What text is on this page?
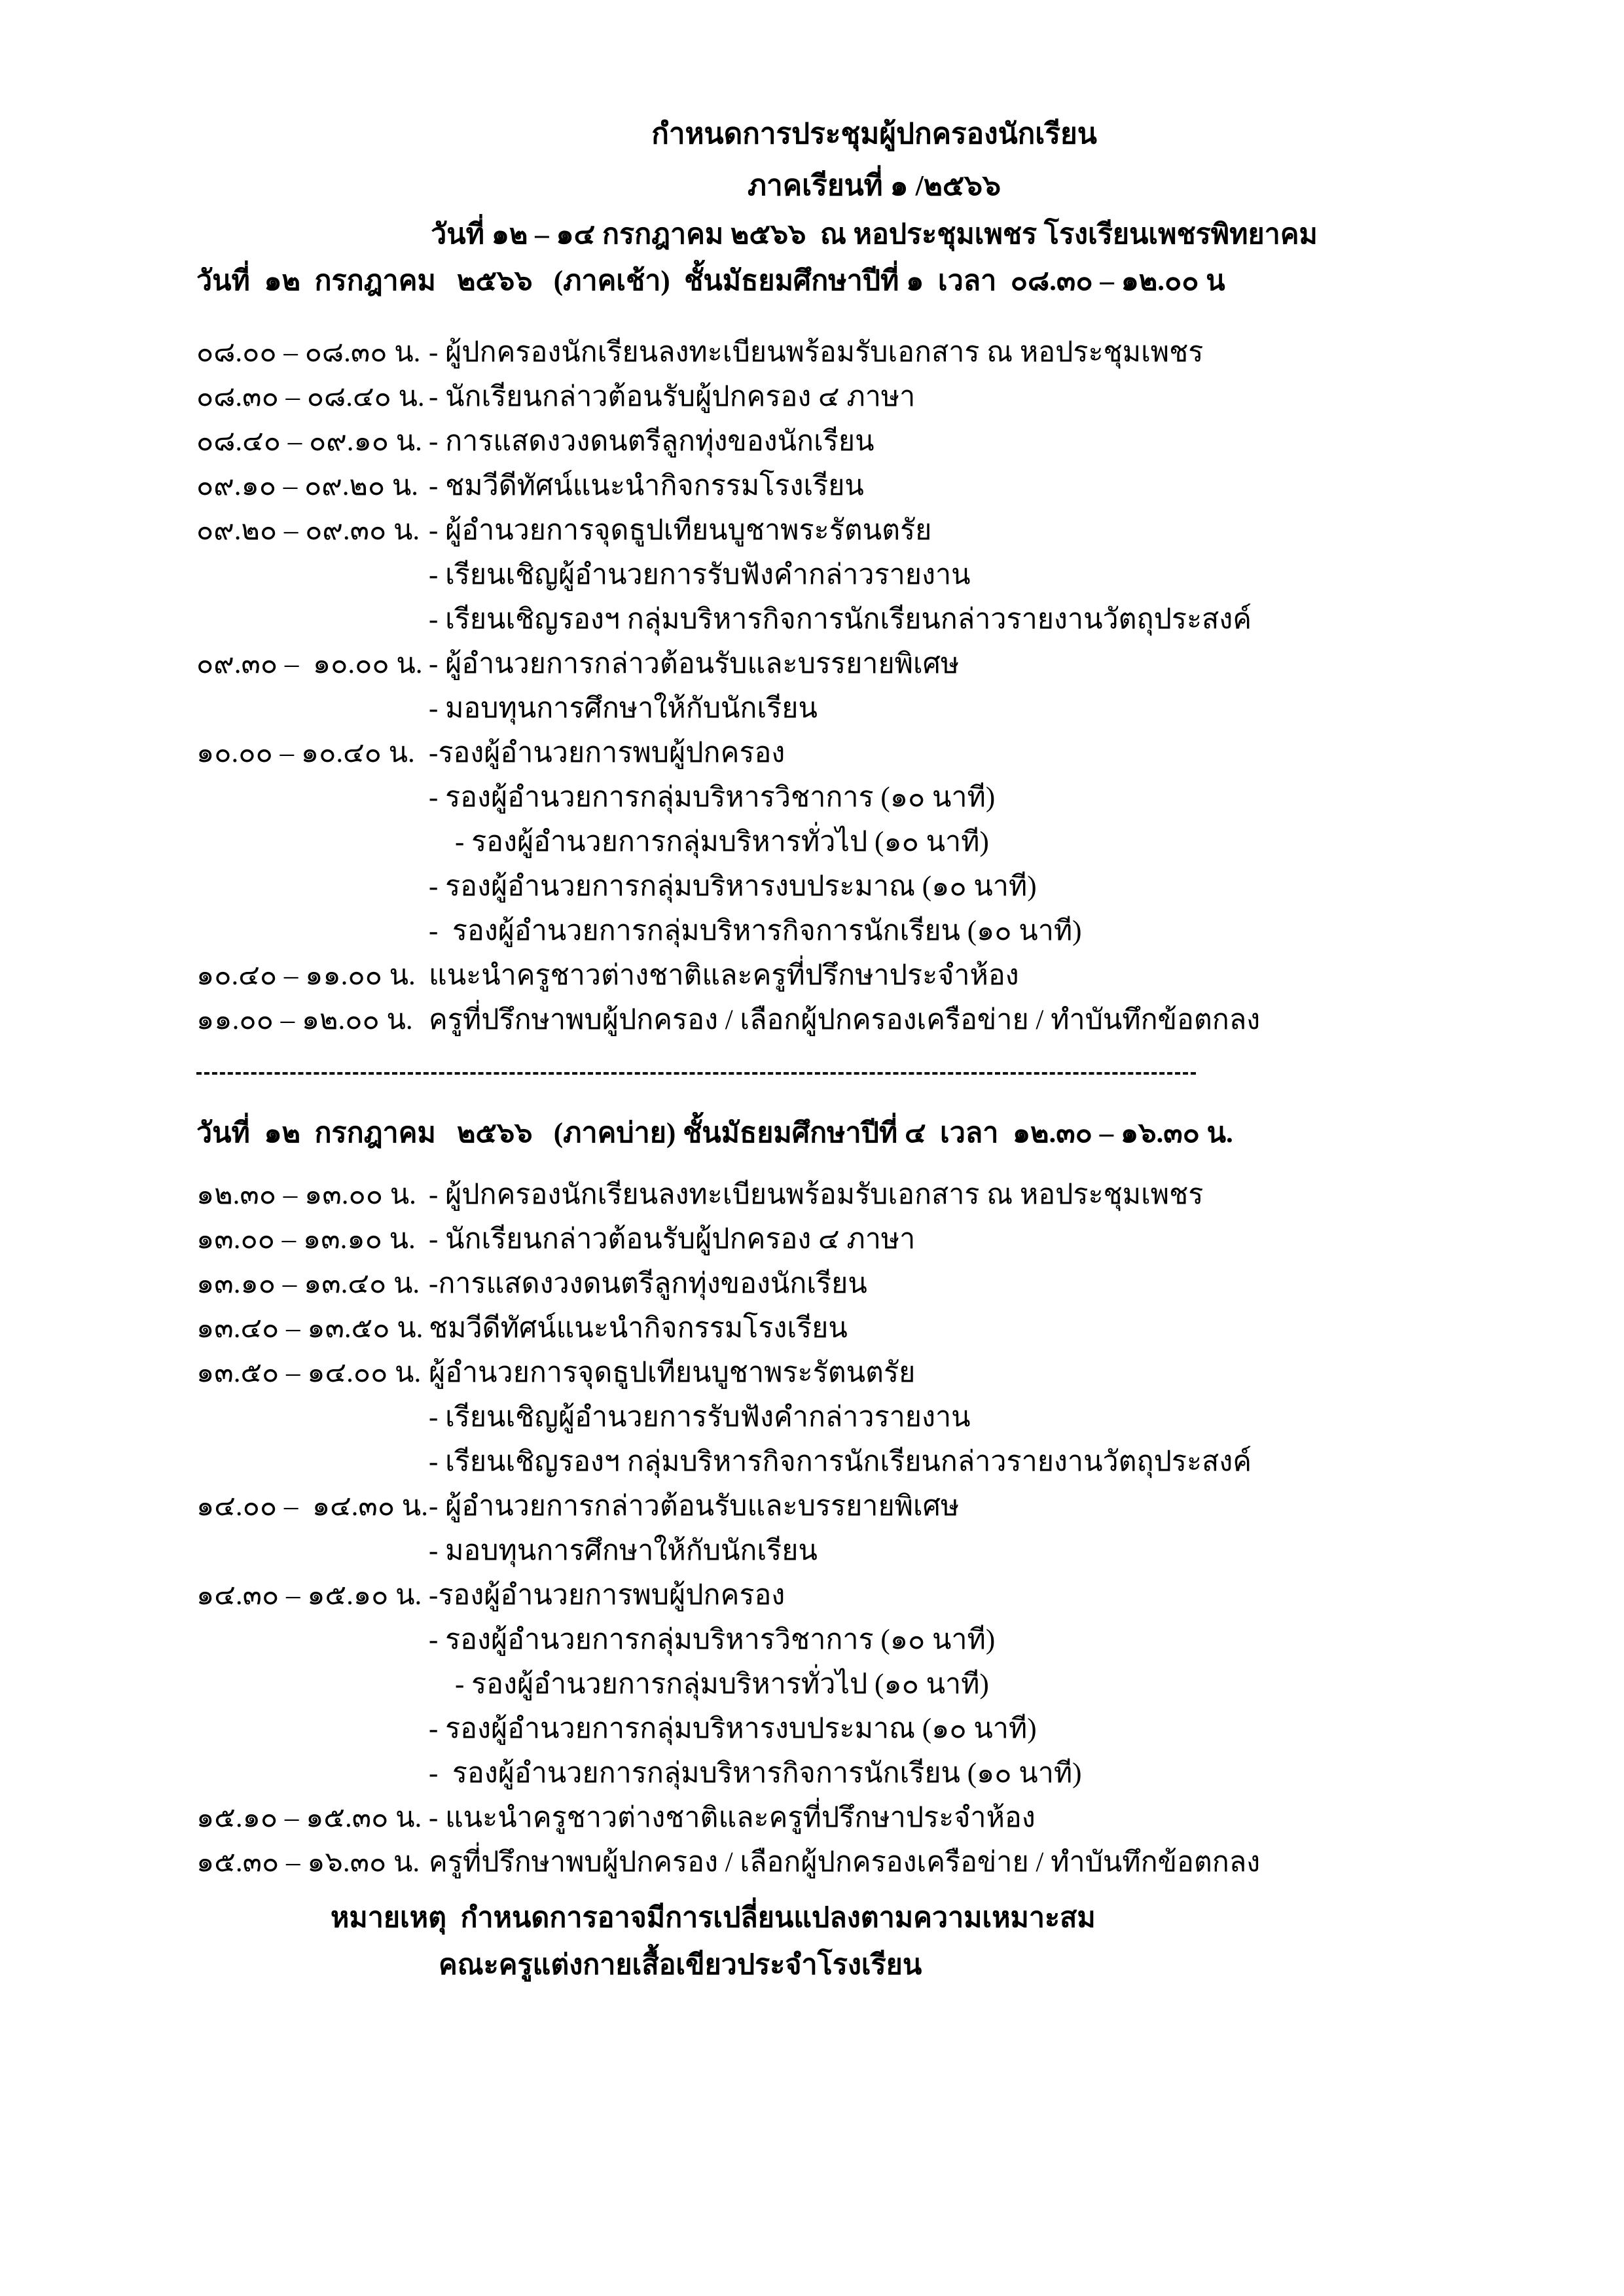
กำหนดการประชุมผู้ปกครองนักเรียน
ภาคเรียนที่ ๑ /๒๕๖๖
วันที่ ๑๒ – ๑๔ กรกฎาคม ๒๕๖๖  ณ หอประชุมเพชร โรงเรียนเพชรพิทยาคม
วันที่  ๑๒  กรกฎาคม   ๒๕๖๖   (ภาคเช้า)  ชั้นมัธยมศึกษาปีที่ ๑  เวลา  ๐๘.๓๐ – ๑๒.๐๐ น
๐๘.๐๐ – ๐๘.๓๐ น. - ผู้ปกครองนักเรียนลงทะเบียนพร้อมรับเอกสาร ณ หอประชุมเพชร
๐๘.๓๐ – ๐๘.๔๐ น. - นักเรียนกล่าวต้อนรับผู้ปกครอง ๔ ภาษา
๐๘.๔๐ – ๐๙.๑๐ น. - การแสดงวงดนตรีลูกทุ่งของนักเรียน
๐๙.๑๐ – ๐๙.๒๐ น. - ชมวีดีทัศน์แนะนำกิจกรรมโรงเรียน
๐๙.๒๐ – ๐๙.๓๐ น. - ผู้อำนวยการจุดธูปเทียนบูชาพระรัตนตรัย
- เรียนเชิญผู้อำนวยการรับฟังคำกล่าวรายงาน
- เรียนเชิญรองฯ กลุ่มบริหารกิจการนักเรียนกล่าวรายงานวัตถุประสงค์
๐๙.๓๐ –  ๑๐.๐๐ น. - ผู้อำนวยการกล่าวต้อนรับและบรรยายพิเศษ
- มอบทุนการศึกษาให้กับนักเรียน
๑๐.๐๐ – ๑๐.๔๐ น. -รองผู้อำนวยการพบผู้ปกครอง
- รองผู้อำนวยการกลุ่มบริหารวิชาการ (๑๐ นาที)
- รองผู้อำนวยการกลุ่มบริหารทั่วไป (๑๐ นาที)
- รองผู้อำนวยการกลุ่มบริหารงบประมาณ (๑๐ นาที)
-  รองผู้อำนวยการกลุ่มบริหารกิจการนักเรียน (๑๐ นาที)
๑๐.๔๐ – ๑๑.๐๐ น. แนะนำครูชาวต่างชาติและครูที่ปรึกษาประจำห้อง
๑๑.๐๐ – ๑๒.๐๐ น. ครูที่ปรึกษาพบผู้ปกครอง / เลือกผู้ปกครองเครือข่าย / ทำบันทึกข้อตกลง
วันที่  ๑๒  กรกฎาคม   ๒๕๖๖   (ภาคบ่าย) ชั้นมัธยมศึกษาปีที่ ๔  เวลา  ๑๒.๓๐ – ๑๖.๓๐ น.
๑๒.๓๐ – ๑๓.๐๐ น. - ผู้ปกครองนักเรียนลงทะเบียนพร้อมรับเอกสาร ณ หอประชุมเพชร
๑๓.๐๐ – ๑๓.๑๐ น. - นักเรียนกล่าวต้อนรับผู้ปกครอง ๔ ภาษา
๑๓.๑๐ – ๑๓.๔๐ น. -การแสดงวงดนตรีลูกทุ่งของนักเรียน
๑๓.๔๐ – ๑๓.๕๐ น. ชมวีดีทัศน์แนะนำกิจกรรมโรงเรียน
๑๓.๕๐ – ๑๔.๐๐ น. ผู้อำนวยการจุดธูปเทียนบูชาพระรัตนตรัย
- เรียนเชิญผู้อำนวยการรับฟังคำกล่าวรายงาน
- เรียนเชิญรองฯ กลุ่มบริหารกิจการนักเรียนกล่าวรายงานวัตถุประสงค์
๑๔.๐๐ –  ๑๔.๓๐ น. - ผู้อำนวยการกล่าวต้อนรับและบรรยายพิเศษ
- มอบทุนการศึกษาให้กับนักเรียน
๑๔.๓๐ – ๑๕.๑๐ น. -รองผู้อำนวยการพบผู้ปกครอง
- รองผู้อำนวยการกลุ่มบริหารวิชาการ (๑๐ นาที)
- รองผู้อำนวยการกลุ่มบริหารทั่วไป (๑๐ นาที)
- รองผู้อำนวยการกลุ่มบริหารงบประมาณ (๑๐ นาที)
-  รองผู้อำนวยการกลุ่มบริหารกิจการนักเรียน (๑๐ นาที)
๑๕.๑๐ – ๑๕.๓๐ น. - แนะนำครูชาวต่างชาติและครูที่ปรึกษาประจำห้อง
๑๕.๓๐ – ๑๖.๓๐ น. ครูที่ปรึกษาพบผู้ปกครอง / เลือกผู้ปกครองเครือข่าย / ทำบันทึกข้อตกลง
หมายเหตุ  กำหนดการอาจมีการเปลี่ยนแปลงตามความเหมาะสม
คณะครูแต่งกายเสื้อเขียวประจำโรงเรียน
